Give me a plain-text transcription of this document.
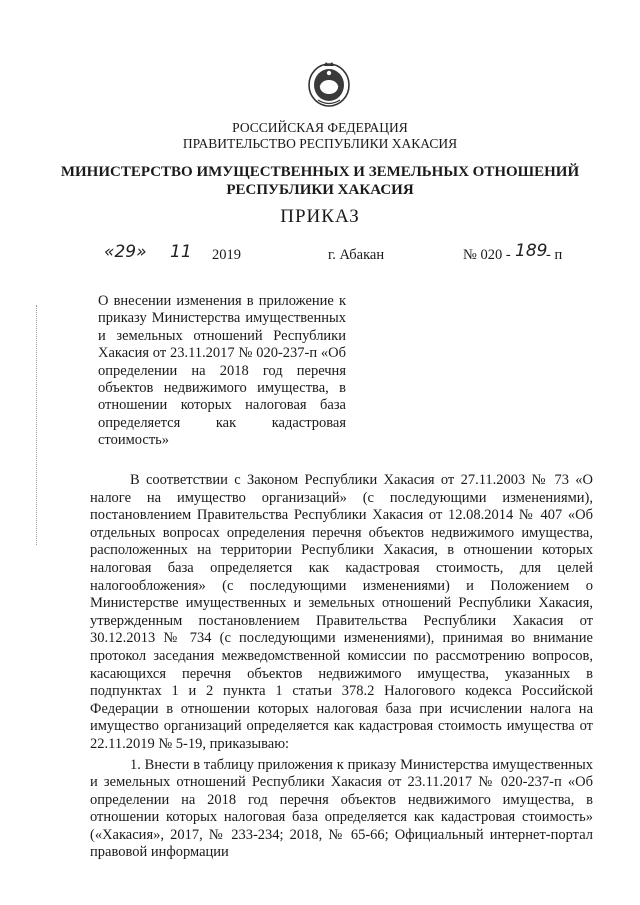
РОССИЙСКАЯ ФЕДЕРАЦИЯ
ПРАВИТЕЛЬСТВО РЕСПУБЛИКИ ХАКАСИЯ
МИНИСТЕРСТВО ИМУЩЕСТВЕННЫХ И ЗЕМЕЛЬНЫХ ОТНОШЕНИЙ
РЕСПУБЛИКИ ХАКАСИЯ
ПРИКАЗ
«29» 11 2019	г. Абакан	№ 020 - 189
- п
О внесении изменения в приложение к приказу Министерства имущественных и земельных отношений Республики Хакасия от 23.11.2017 № 020-237-п «Об определении на 2018 год перечня объектов недвижимого имущества, в отношении которых налоговая база определяется как кадастровая стоимость»

В соответствии с Законом Республики Хакасия от 27.11.2003 № 73 «О налоге на имущество организаций» (с последующими изменениями), постановлением Правительства Республики Хакасия от 12.08.2014 № 407 «Об отдельных вопросах определения перечня объектов недвижимого имущества, расположенных на территории Республики Хакасия, в отношении которых налоговая база определяется как кадастровая стоимость, для целей налогообложения» (с последующими изменениями) и Положением о Министерстве имущественных и земельных отношений Республики Хакасия, утвержденным постановлением Правительства Республики Хакасия от 30.12.2013 № 734 (с последующими изменениями), принимая во внимание протокол заседания межведомственной комиссии по рассмотрению вопросов, касающихся перечня объектов недвижимого имущества, указанных в подпунктах 1 и 2 пункта 1 статьи 378.2 Налогового кодекса Российской Федерации в отношении которых налоговая база при исчислении налога на имущество организаций определяется как кадастровая стоимость имущества от 22.11.2019 № 5-19, приказываю:

1. Внести в таблицу приложения к приказу Министерства имущественных и земельных отношений Республики Хакасия от 23.11.2017 № 020-237-п «Об определении на 2018 год перечня объектов недвижимого имущества, в отношении которых налоговая база определяется как кадастровая стоимость» («Хакасия», 2017, № 233-234; 2018, № 65-66; Официальный интернет-портал правовой информации
